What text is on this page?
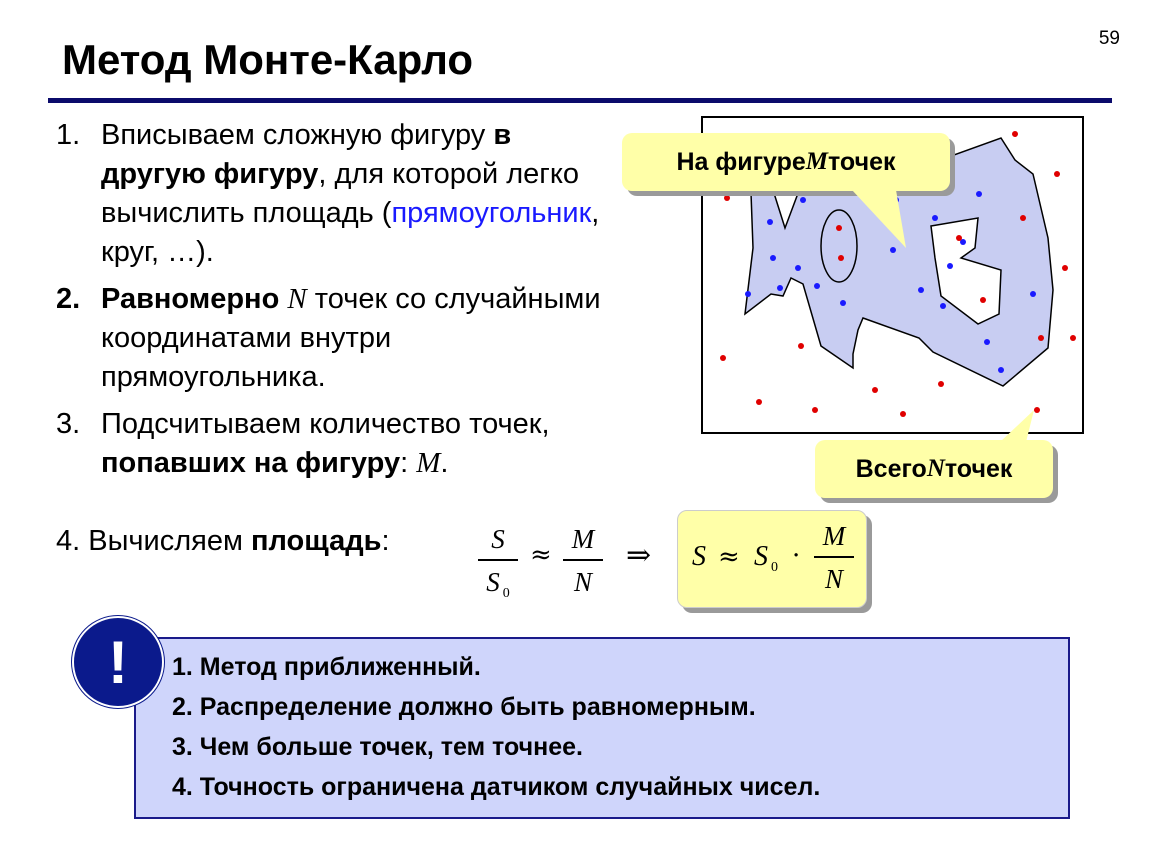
59
Метод Монте-Карло
1. Вписываем сложную фигуру в другую фигуру, для которой легко вычислить площадь (прямоугольник, круг, …).
2. Равномерно N точек со случайными координатами внутри прямоугольника.
3. Подсчитываем количество точек, попавших на фигуру: M.
4. Вычисляем площадь:	S
S $_0$
≈
M
N
⇒ S ≈ S $_0$ ·
M
N
На фигуре M точек
Всего N точек
!	1. Метод приближенный.
2. Распределение должно быть равномерным.
3. Чем больше точек, тем точнее.
4. Точность ограничена датчиком случайных чисел.
